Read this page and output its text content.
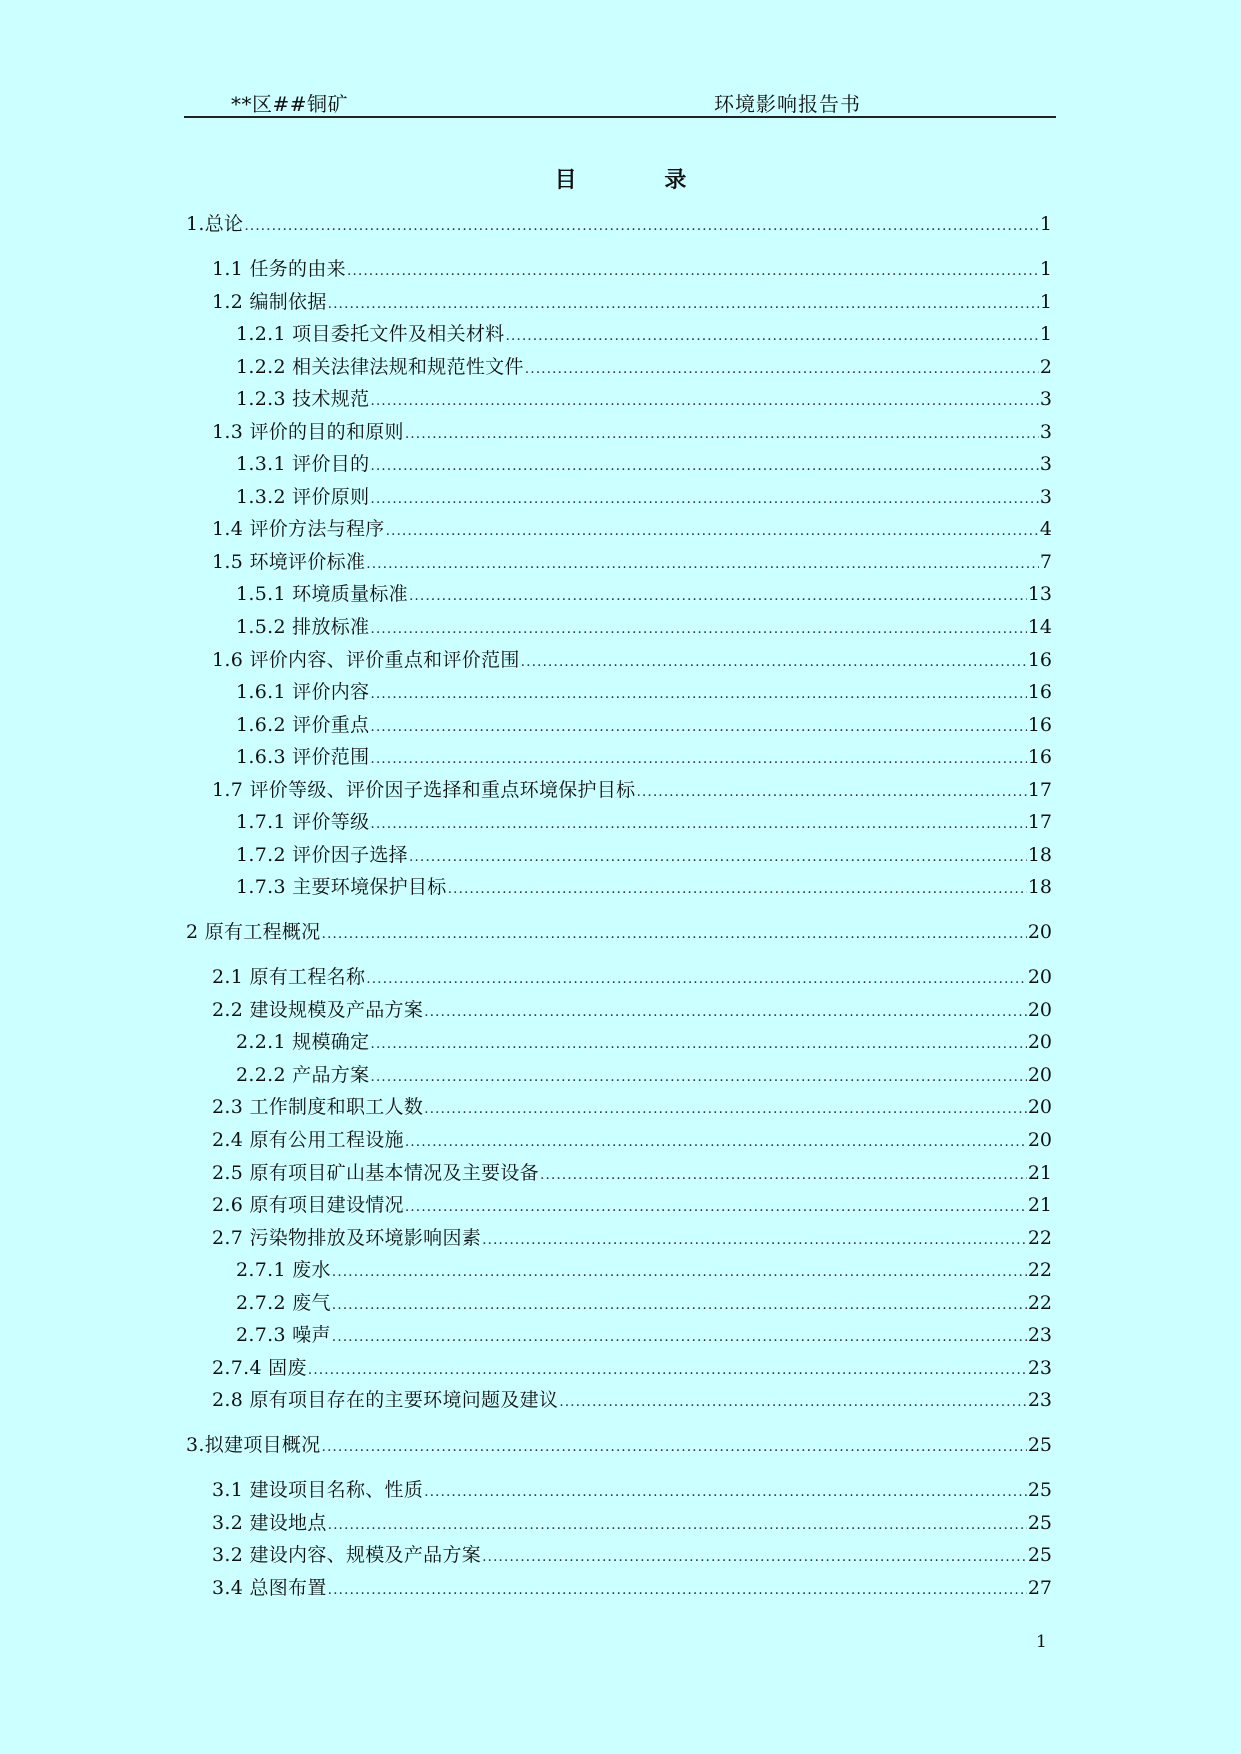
**区##铜矿	环境影响报告书
目 录
1.总论 .....	1
1.1 任务的由来 .....	1
1.2 编制依据 .....	1
1.2.1 项目委托文件及相关材料 .....	1
1.2.2 相关法律法规和规范性文件 .....	2
1.2.3 技术规范 .....	3
1.3 评价的目的和原则 .....	3
1.3.1 评价目的 .....	3
1.3.2 评价原则 .....	3
1.4 评价方法与程序 .....	4
1.5 环境评价标准 .....	7
1.5.1 环境质量标准 .....	13
1.5.2 排放标准 .....	14
1.6 评价内容、评价重点和评价范围 .....	16
1.6.1 评价内容 .....	16
1.6.2 评价重点 .....	16
1.6.3 评价范围 .....	16
1.7 评价等级、评价因子选择和重点环境保护目标 .....	17
1.7.1 评价等级 .....	17
1.7.2 评价因子选择 .....	18
1.7.3 主要环境保护目标 .....	18
2 原有工程概况 .....	20
2.1 原有工程名称 .....	20
2.2 建设规模及产品方案 .....	20
2.2.1 规模确定 .....	20
2.2.2 产品方案 .....	20
2.3 工作制度和职工人数 .....	20
2.4 原有公用工程设施 .....	20
2.5 原有项目矿山基本情况及主要设备 .....	21
2.6 原有项目建设情况 .....	21
2.7 污染物排放及环境影响因素 .....	22
2.7.1 废水 .....	22
2.7.2 废气 .....	22
2.7.3 噪声 .....	23
2.7.4 固废 .....	23
2.8 原有项目存在的主要环境问题及建议 .....	23
3.拟建项目概况 .....	25
3.1 建设项目名称、性质 .....	25
3.2 建设地点 .....	25
3.2 建设内容、规模及产品方案 .....	25
3.4 总图布置 .....	27
1
